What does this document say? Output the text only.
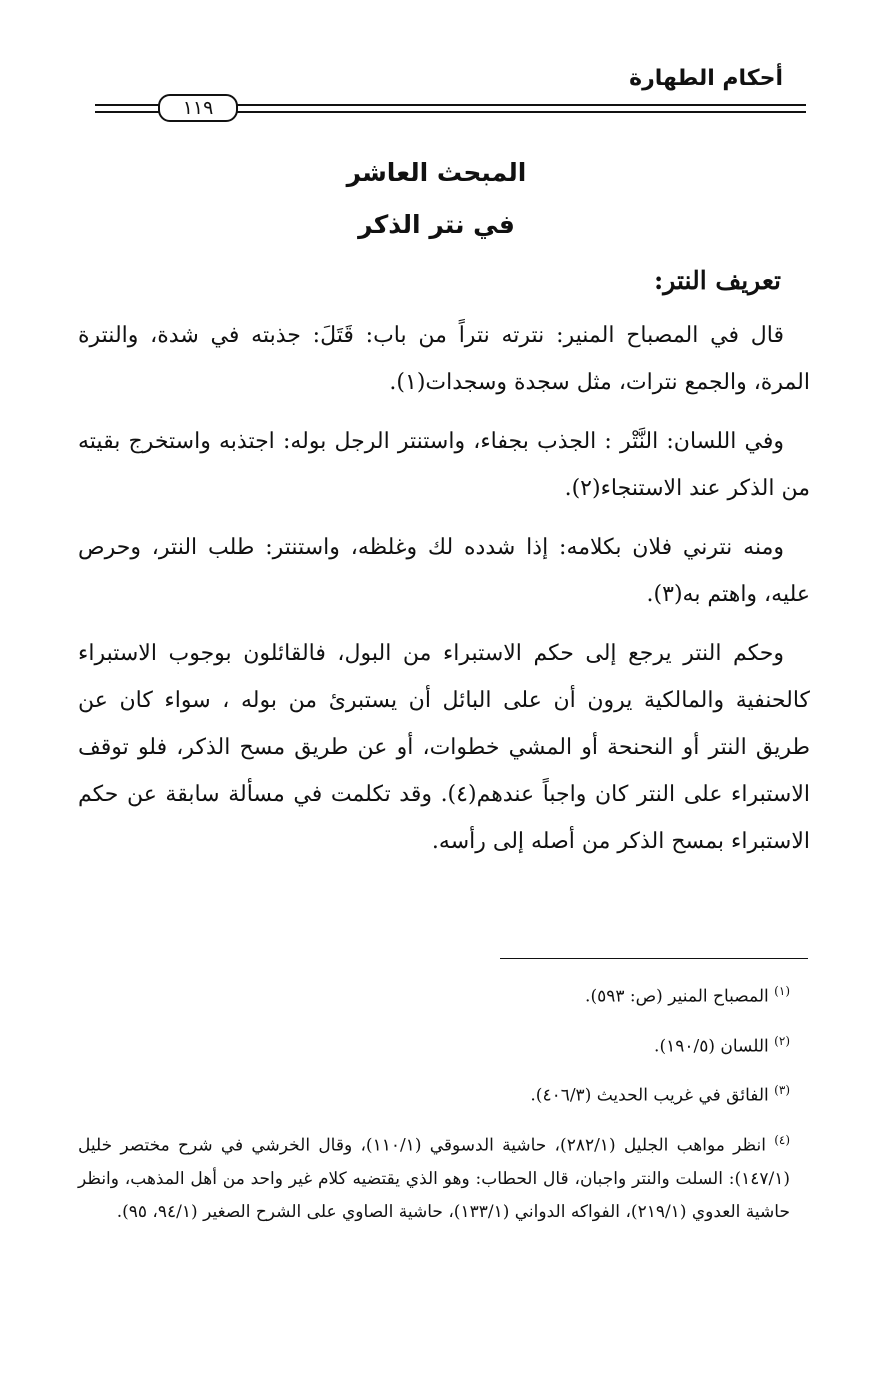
أحكام الطهارة
١١٩
المبحث العاشر
في نتر الذكر
تعريف النتر:

قال في المصباح المنير: نترته نتراً من باب: قَتَلَ: جذبته في شدة، والنترة المرة، والجمع نترات، مثل سجدة وسجدات(١).

وفي اللسان: النَّتْر : الجذب بجفاء، واستنتر الرجل بوله: اجتذبه واستخرج بقيته من الذكر عند الاستنجاء(٢).

ومنه نترني فلان بكلامه: إذا شدده لك وغلظه، واستنتر: طلب النتر، وحرص عليه، واهتم به(٣).

وحكم النتر يرجع إلى حكم الاستبراء من البول، فالقائلون بوجوب الاستبراء كالحنفية والمالكية يرون أن على البائل أن يستبرئ من بوله ، سواء كان عن طريق النتر أو النحنحة أو المشي خطوات، أو عن طريق مسح الذكر، فلو توقف الاستبراء على النتر كان واجباً عندهم(٤). وقد تكلمت في مسألة سابقة عن حكم الاستبراء بمسح الذكر من أصله إلى رأسه.

$^{(١)}$ المصباح المنير (ص: ٥٩٣).
$^{(٢)}$ اللسان (١٩٠/٥).
$^{(٣)}$ الفائق في غريب الحديث (٤٠٦/٣).
$^{(٤)}$ انظر مواهب الجليل (٢٨٢/١)، حاشية الدسوقي (١١٠/١)، وقال الخرشي في شرح مختصر خليل (١٤٧/١): السلت والنتر واجبان، قال الحطاب: وهو الذي يقتضيه كلام غير واحد من أهل المذهب، وانظر حاشية العدوي (٢١٩/١)، الفواكه الدواني (١٣٣/١)، حاشية الصاوي على الشرح الصغير (٩٤/١، ٩٥).
